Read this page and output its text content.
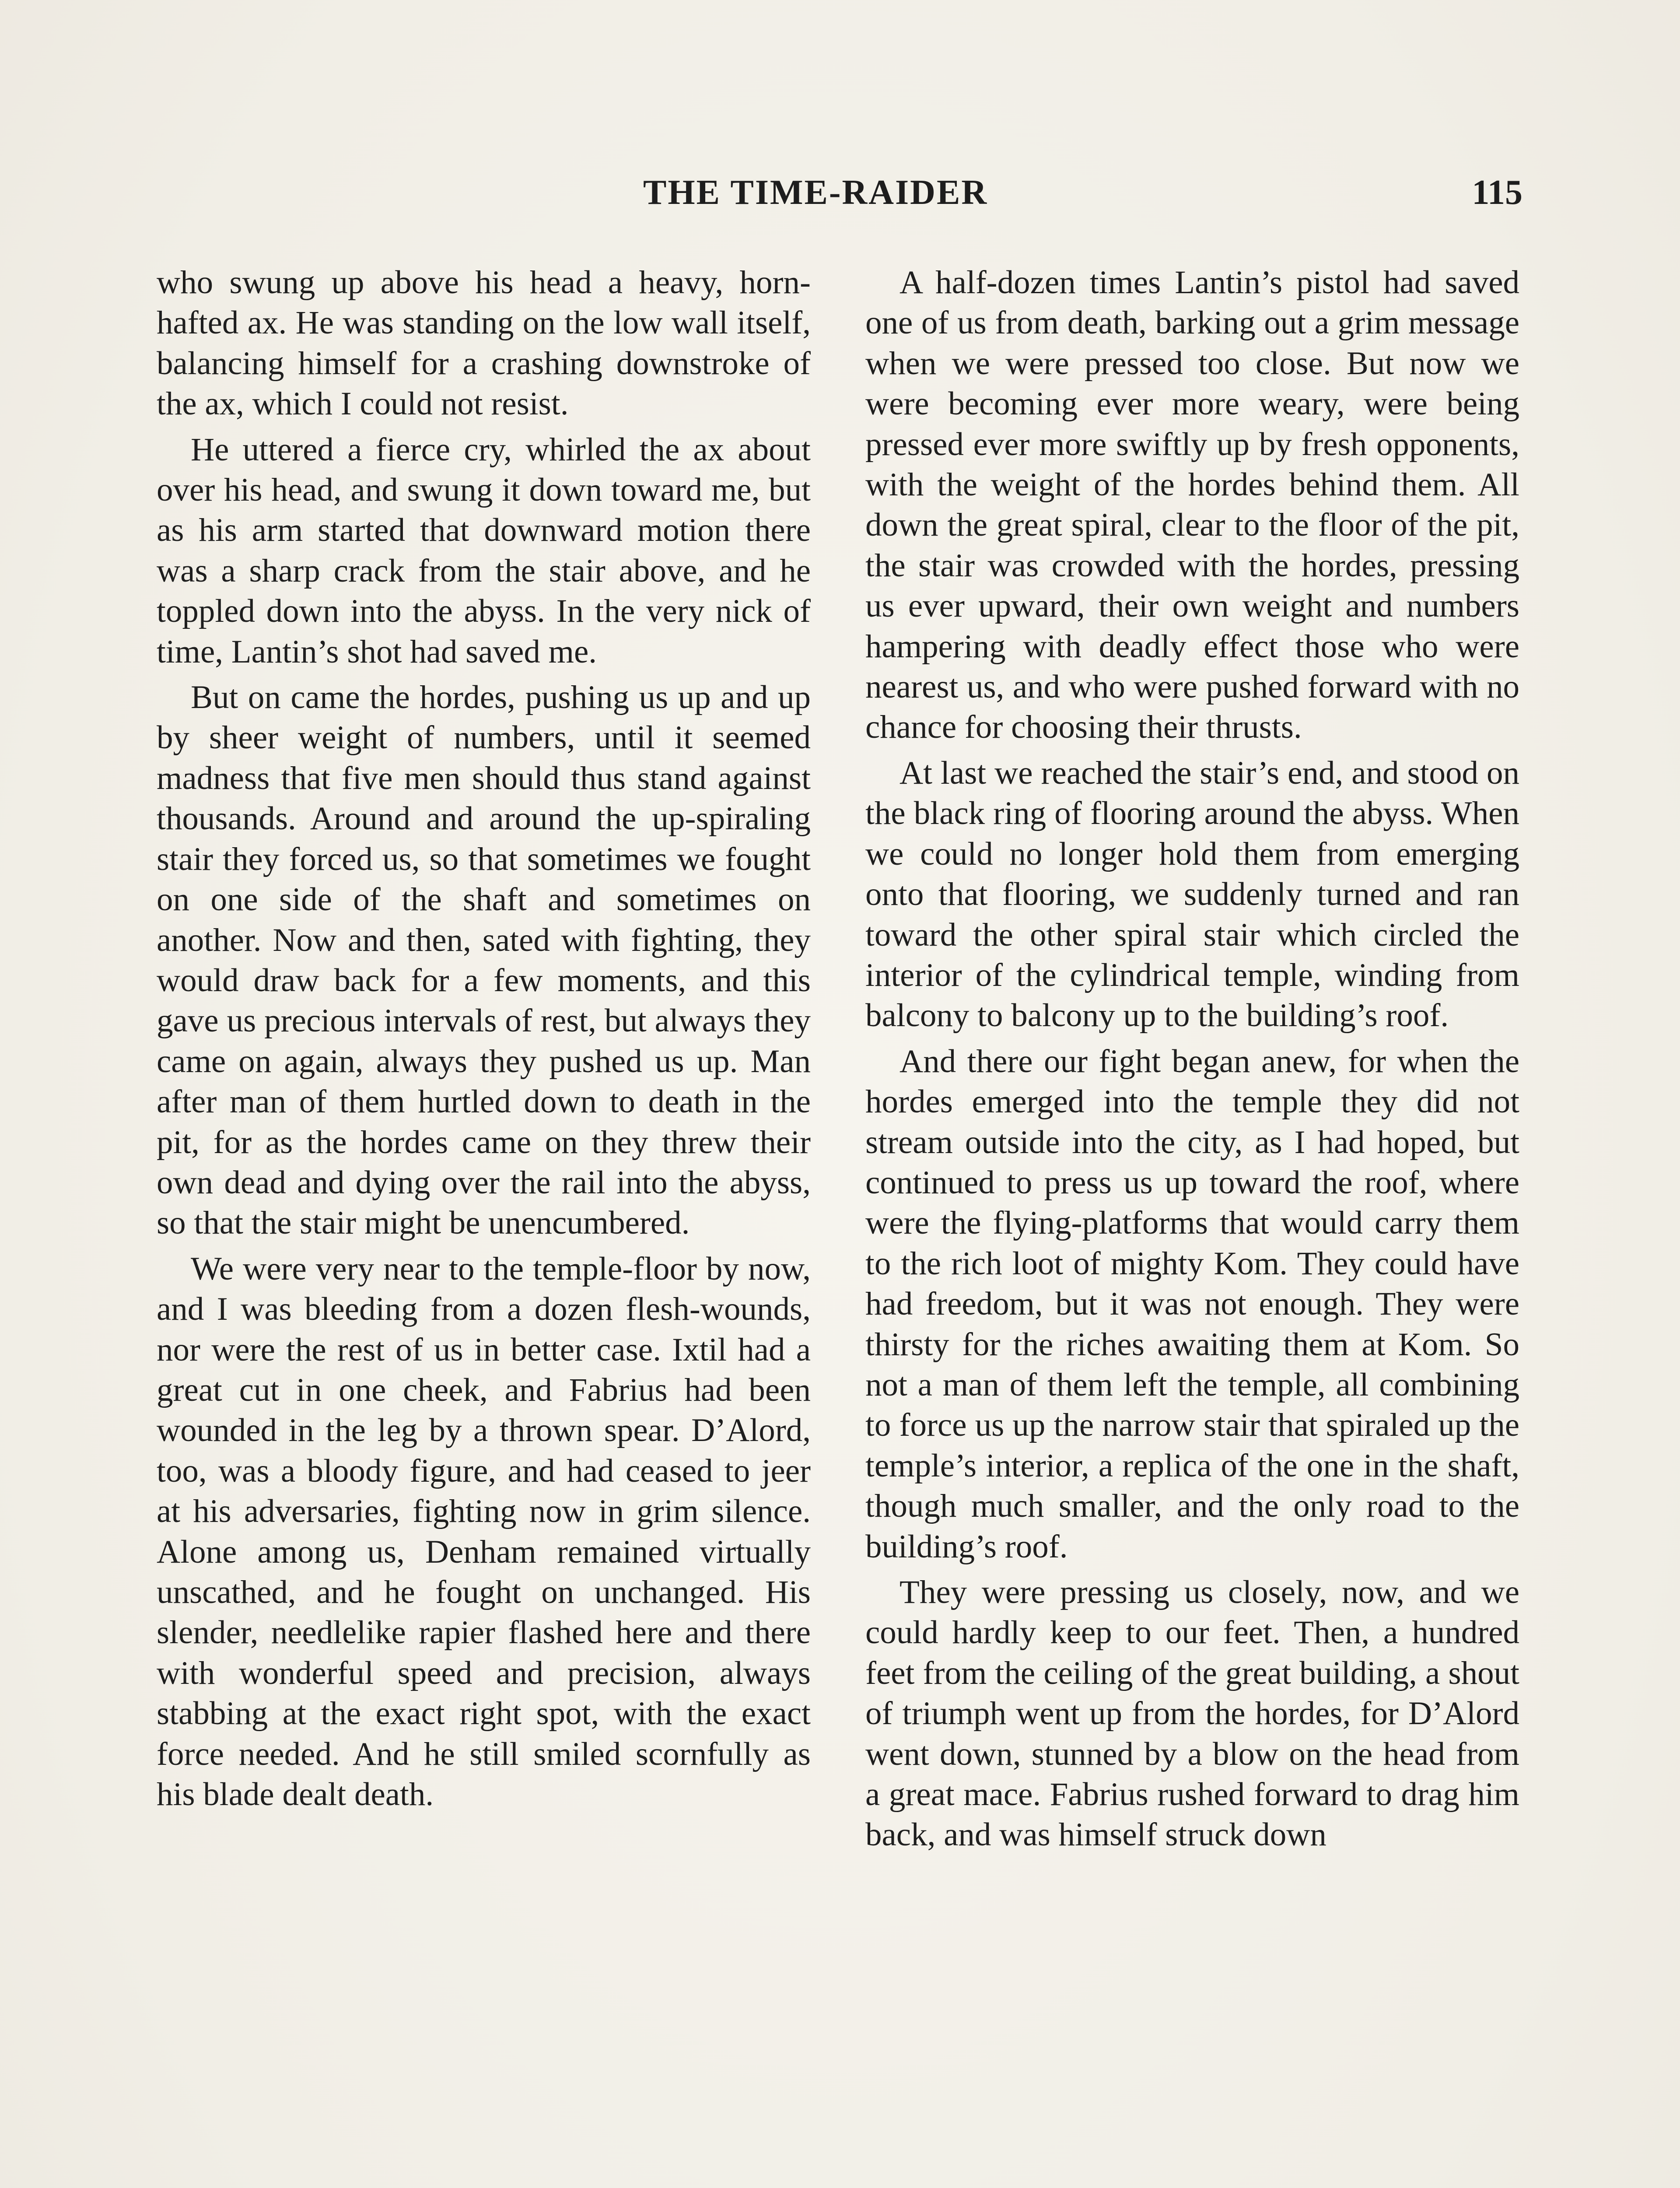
THE TIME-RAIDER	115

who swung up above his head a heavy, horn-hafted ax. He was standing on the low wall itself, balancing himself for a crashing downstroke of the ax, which I could not resist.

He uttered a fierce cry, whirled the ax about over his head, and swung it down toward me, but as his arm started that downward motion there was a sharp crack from the stair above, and he toppled down into the abyss. In the very nick of time, Lantin’s shot had saved me.

But on came the hordes, pushing us up and up by sheer weight of numbers, until it seemed madness that five men should thus stand against thousands. Around and around the up-spiraling stair they forced us, so that sometimes we fought on one side of the shaft and sometimes on another. Now and then, sated with fighting, they would draw back for a few moments, and this gave us precious intervals of rest, but always they came on again, always they pushed us up. Man after man of them hurtled down to death in the pit, for as the hordes came on they threw their own dead and dying over the rail into the abyss, so that the stair might be unencumbered.

We were very near to the temple-floor by now, and I was bleeding from a dozen flesh-wounds, nor were the rest of us in better case. Ixtil had a great cut in one cheek, and Fabrius had been wounded in the leg by a thrown spear. D’Alord, too, was a bloody figure, and had ceased to jeer at his adversaries, fighting now in grim silence. Alone among us, Denham remained virtually unscathed, and he fought on unchanged. His slender, needlelike rapier flashed here and there with wonderful speed and precision, always stabbing at the exact right spot, with the exact force needed. And he still smiled scornfully as his blade dealt death.

A half-dozen times Lantin’s pistol had saved one of us from death, barking out a grim message when we were pressed too close. But now we were becoming ever more weary, were being pressed ever more swiftly up by fresh opponents, with the weight of the hordes behind them. All down the great spiral, clear to the floor of the pit, the stair was crowded with the hordes, pressing us ever upward, their own weight and numbers hampering with deadly effect those who were nearest us, and who were pushed forward with no chance for choosing their thrusts.

At last we reached the stair’s end, and stood on the black ring of flooring around the abyss. When we could no longer hold them from emerging onto that flooring, we suddenly turned and ran toward the other spiral stair which circled the interior of the cylindrical temple, winding from balcony to balcony up to the building’s roof.

And there our fight began anew, for when the hordes emerged into the temple they did not stream outside into the city, as I had hoped, but continued to press us up toward the roof, where were the flying-platforms that would carry them to the rich loot of mighty Kom. They could have had freedom, but it was not enough. They were thirsty for the riches awaiting them at Kom. So not a man of them left the temple, all combining to force us up the narrow stair that spiraled up the temple’s interior, a replica of the one in the shaft, though much smaller, and the only road to the building’s roof.

They were pressing us closely, now, and we could hardly keep to our feet. Then, a hundred feet from the ceiling of the great building, a shout of triumph went up from the hordes, for D’Alord went down, stunned by a blow on the head from a great mace. Fabrius rushed forward to drag him back, and was himself struck down
